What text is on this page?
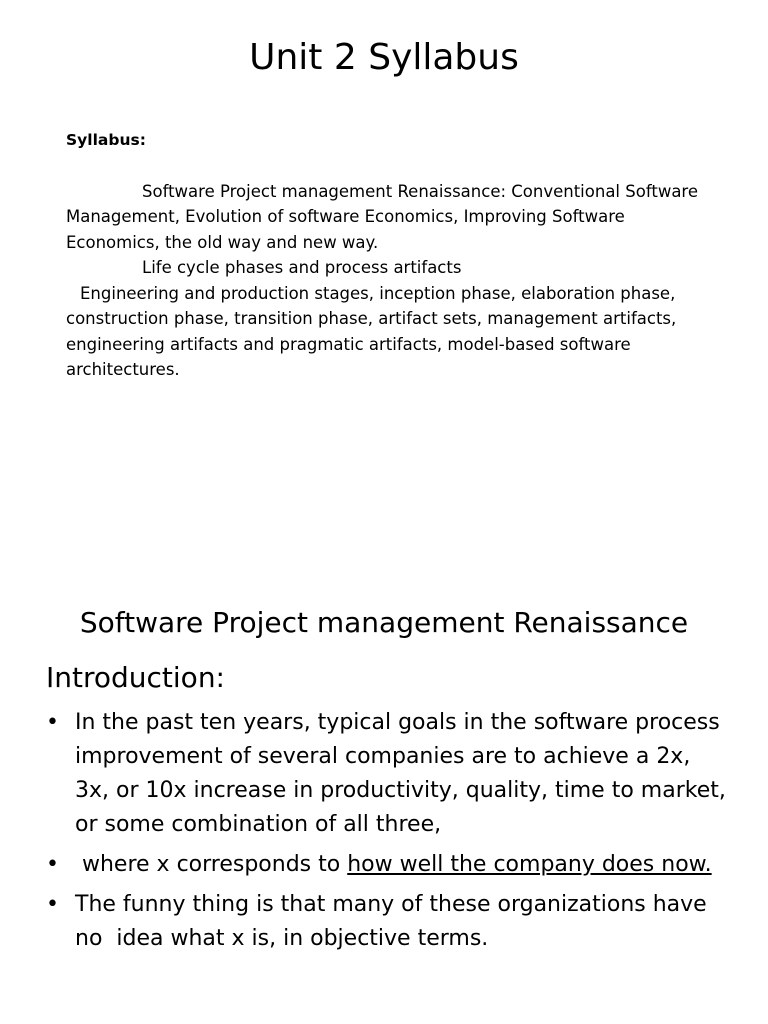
Unit 2 Syllabus

Syllabus:

Software Project management Renaissance: Conventional Software Management, Evolution of software Economics, Improving Software Economics, the old way and new way.

Life cycle phases and process artifacts

Engineering and production stages, inception phase, elaboration phase, construction phase, transition phase, artifact sets, management artifacts, engineering artifacts and pragmatic artifacts, model-based software architectures.

Software Project management Renaissance
Introduction:
• In the past ten years, typical goals in the software process improvement of several companies are to achieve a 2x, 3x, or 10x increase in productivity, quality, time to market, or some combination of all three,
• where x corresponds to how well the company does now.
• The funny thing is that many of these organizations have no  idea what x is, in objective terms.
